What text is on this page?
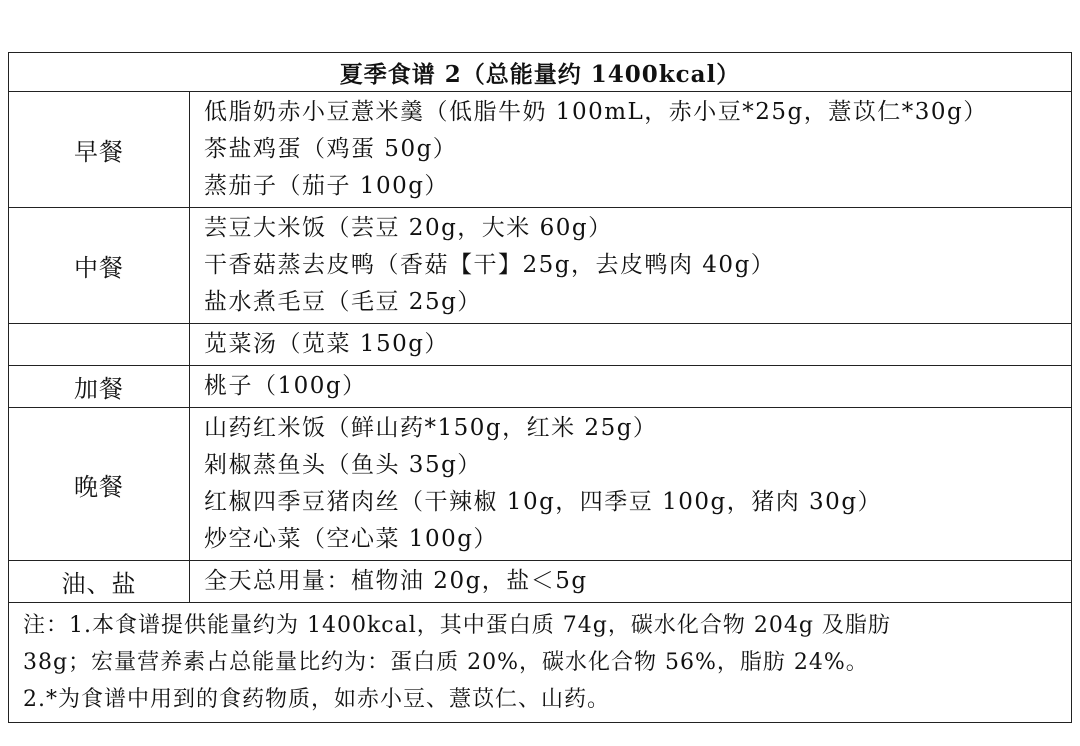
夏季食谱 2（总能量约 1400kcal）
早餐
低脂奶赤小豆薏米羹（低脂牛奶 100mL，赤小豆*25g，薏苡仁*30g）
茶盐鸡蛋（鸡蛋 50g）
蒸茄子（茄子 100g）
中餐
芸豆大米饭（芸豆 20g，大米 60g）
干香菇蒸去皮鸭（香菇【干】25g，去皮鸭肉 40g）
盐水煮毛豆（毛豆 25g）
苋菜汤（苋菜 150g）
加餐	桃子（100g）
晚餐
山药红米饭（鲜山药*150g，红米 25g）
剁椒蒸鱼头（鱼头 35g）
红椒四季豆猪肉丝（干辣椒 10g，四季豆 100g，猪肉 30g）
炒空心菜（空心菜 100g）
油、盐	全天总用量：植物油 20g，盐＜5g
注：1.本食谱提供能量约为 1400kcal，其中蛋白质 74g，碳水化合物 204g 及脂肪
38g；宏量营养素占总能量比约为：蛋白质 20%，碳水化合物 56%，脂肪 24%。
2.*为食谱中用到的食药物质，如赤小豆、薏苡仁、山药。
